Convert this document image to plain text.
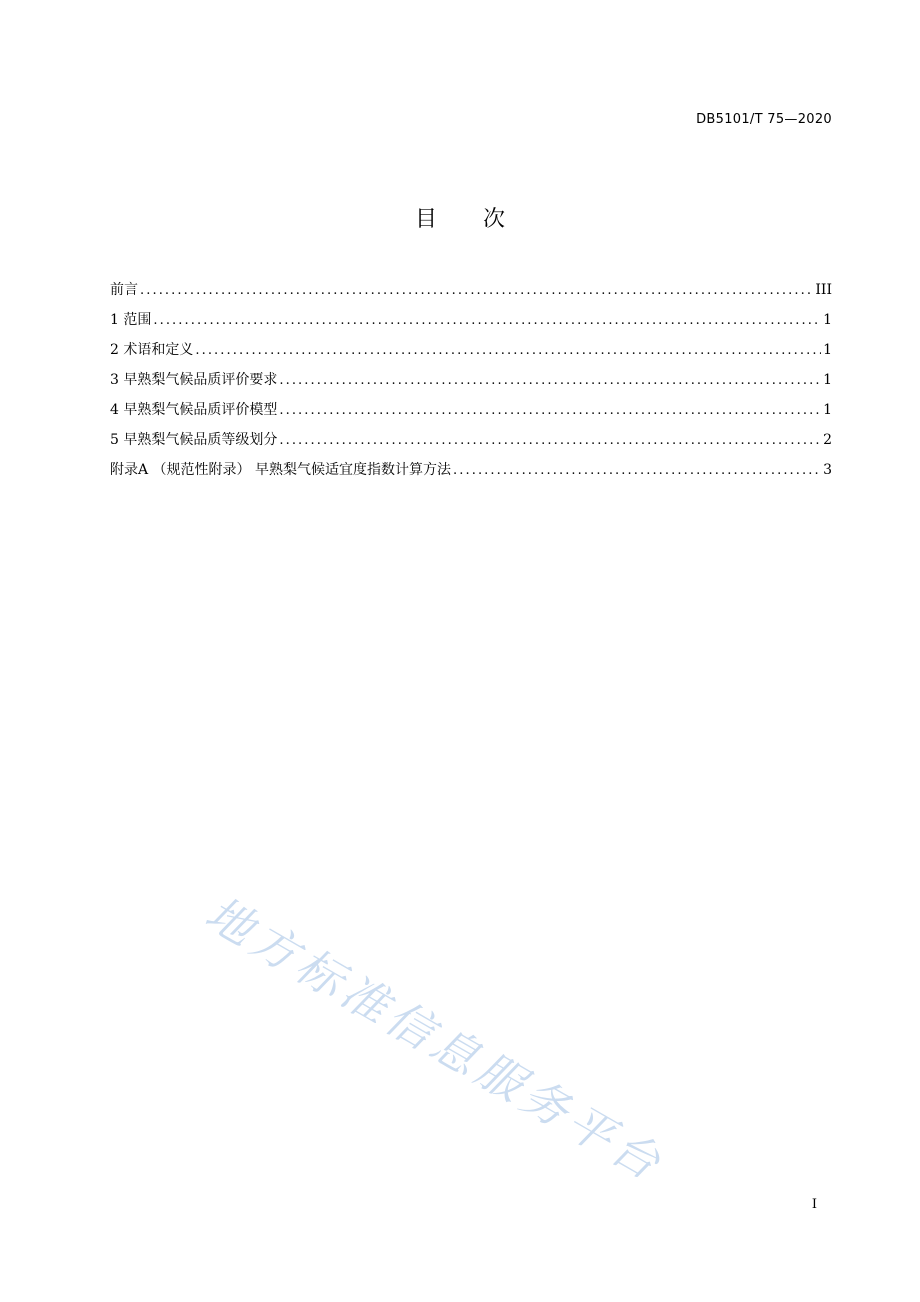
DB5101/T 75—2020
目 次
前言 .....	III
1 范围 .....	1
2 术语和定义 .....	1
3 早熟梨气候品质评价要求 .....	1
4 早熟梨气候品质评价模型 .....	1
5 早熟梨气候品质等级划分 .....	2
附录A （规范性附录） 早熟梨气候适宜度指数计算方法 .....	3
地方标准信息服务平台
I
